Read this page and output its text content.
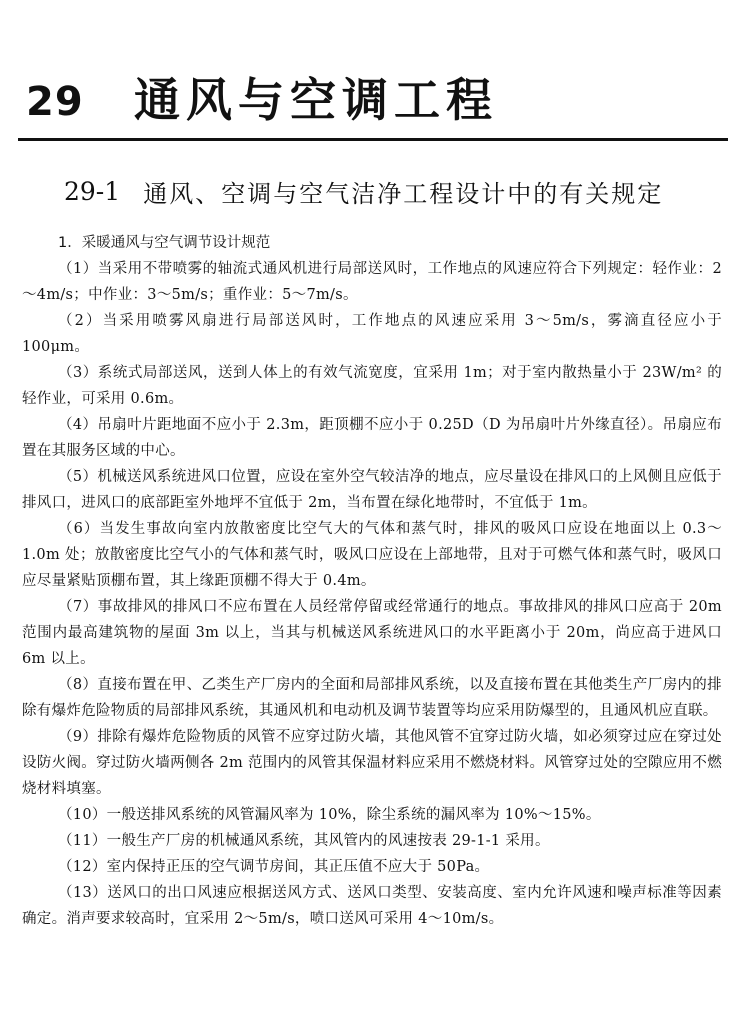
29 通风与空调工程
29-1 通风、空调与空气洁净工程设计中的有关规定

1．采暖通风与空气调节设计规范

（1）当采用不带喷雾的轴流式通风机进行局部送风时，工作地点的风速应符合下列规定：轻作业：2～4m/s；中作业：3～5m/s；重作业：5～7m/s。

（2）当采用喷雾风扇进行局部送风时，工作地点的风速应采用 3～5m/s，雾滴直径应小于 100μm。

（3）系统式局部送风，送到人体上的有效气流宽度，宜采用 1m；对于室内散热量小于 23W/m² 的轻作业，可采用 0.6m。

（4）吊扇叶片距地面不应小于 2.3m，距顶棚不应小于 0.25D（D 为吊扇叶片外缘直径）。吊扇应布置在其服务区域的中心。

（5）机械送风系统进风口位置，应设在室外空气较洁净的地点，应尽量设在排风口的上风侧且应低于排风口，进风口的底部距室外地坪不宜低于 2m，当布置在绿化地带时，不宜低于 1m。

（6）当发生事故向室内放散密度比空气大的气体和蒸气时，排风的吸风口应设在地面以上 0.3～1.0m 处；放散密度比空气小的气体和蒸气时，吸风口应设在上部地带，且对于可燃气体和蒸气时，吸风口应尽量紧贴顶棚布置，其上缘距顶棚不得大于 0.4m。

（7）事故排风的排风口不应布置在人员经常停留或经常通行的地点。事故排风的排风口应高于 20m 范围内最高建筑物的屋面 3m 以上，当其与机械送风系统进风口的水平距离小于 20m，尚应高于进风口 6m 以上。

（8）直接布置在甲、乙类生产厂房内的全面和局部排风系统，以及直接布置在其他类生产厂房内的排除有爆炸危险物质的局部排风系统，其通风机和电动机及调节装置等均应采用防爆型的，且通风机应直联。

（9）排除有爆炸危险物质的风管不应穿过防火墙，其他风管不宜穿过防火墙，如必须穿过应在穿过处设防火阀。穿过防火墙两侧各 2m 范围内的风管其保温材料应采用不燃烧材料。风管穿过处的空隙应用不燃烧材料填塞。

（10）一般送排风系统的风管漏风率为 10%，除尘系统的漏风率为 10%～15%。

（11）一般生产厂房的机械通风系统，其风管内的风速按表 29-1-1 采用。

（12）室内保持正压的空气调节房间，其正压值不应大于 50Pa。

（13）送风口的出口风速应根据送风方式、送风口类型、安装高度、室内允许风速和噪声标准等因素确定。消声要求较高时，宜采用 2～5m/s，喷口送风可采用 4～10m/s。
